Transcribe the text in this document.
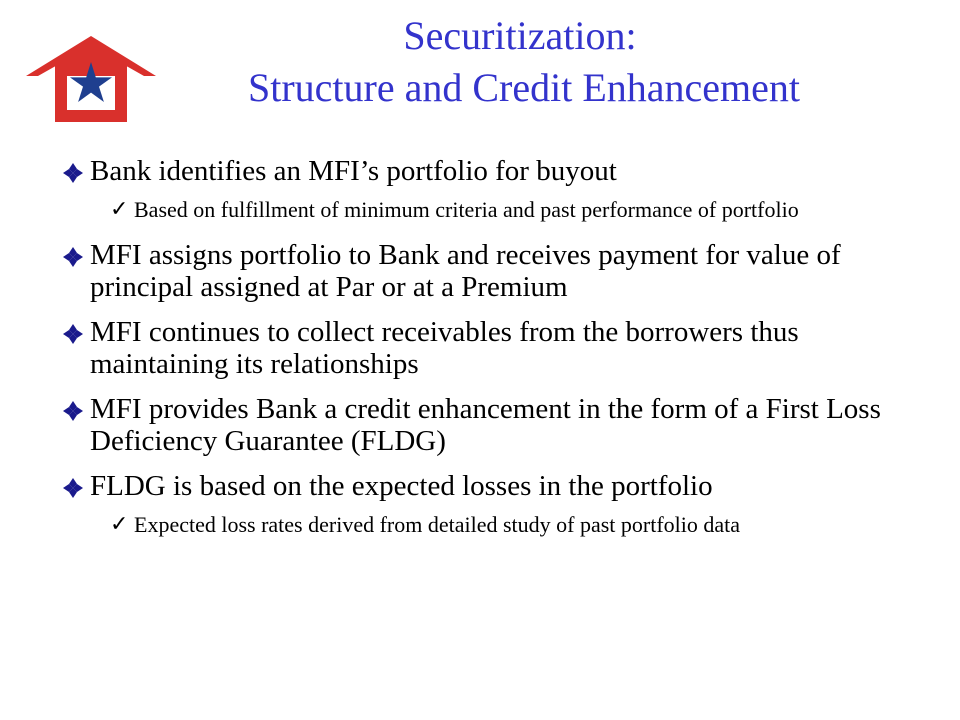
Securitization:
Structure and Credit Enhancement
Bank identifies an MFI’s portfolio for buyout
✓ Based on fulfillment of minimum criteria and past performance of portfolio
MFI assigns portfolio to Bank and receives payment for value of principal assigned at Par or at a Premium
MFI continues to collect receivables from the borrowers thus maintaining its relationships
MFI provides Bank a credit enhancement in the form of a First Loss Deficiency Guarantee (FLDG)
FLDG is based on the expected losses in the portfolio
✓ Expected loss rates derived from detailed study of past portfolio data
